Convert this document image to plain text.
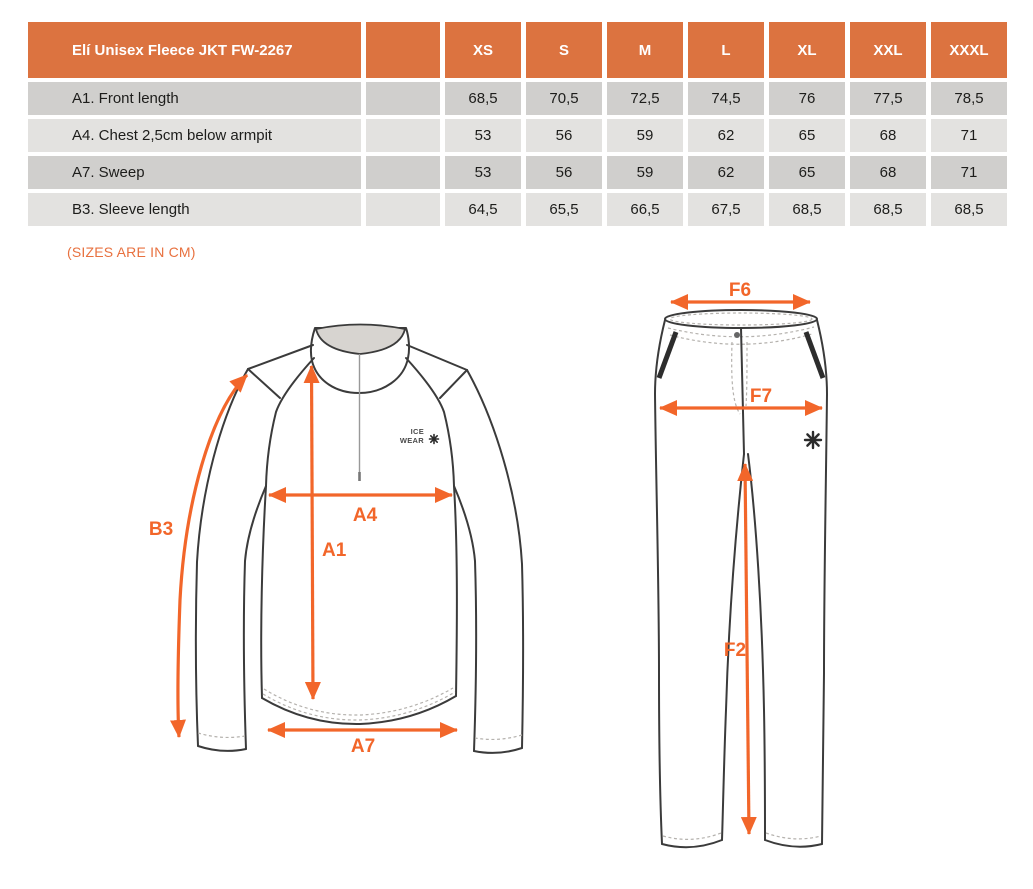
Elí Unisex Fleece JKT FW-2267	XS	S	M	L	XL	XXL	XXXL
A1. Front length	68,5	70,5	72,5	74,5	76	77,5	78,5
A4. Chest 2,5cm below armpit	53	56	59	62	65	68	71
A7. Sweep	53	56	59	62	65	68	71
B3. Sleeve length	64,5	65,5	66,5	67,5	68,5	68,5	68,5
(SIZES ARE IN CM)
ICE
WEAR
B3
A4
A1
A7
F6
F7
F2
